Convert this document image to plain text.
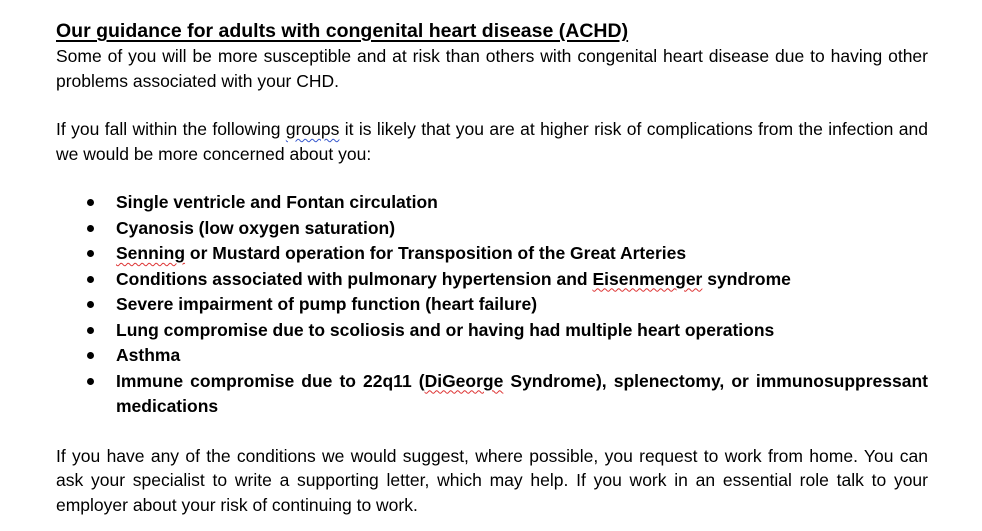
Our guidance for adults with congenital heart disease (ACHD)

Some of you will be more susceptible and at risk than others with congenital heart disease due to having other problems associated with your CHD.

If you fall within the following groups it is likely that you are at higher risk of complications from the infection and we would be more concerned about you:

Single ventricle and Fontan circulation
Cyanosis (low oxygen saturation)
Senning or Mustard operation for Transposition of the Great Arteries
Conditions associated with pulmonary hypertension and Eisenmenger syndrome
Severe impairment of pump function (heart failure)
Lung compromise due to scoliosis and or having had multiple heart operations
Asthma
Immune compromise due to 22q11 (DiGeorge Syndrome), splenectomy, or immunosuppressant medications

If you have any of the conditions we would suggest, where possible, you request to work from home. You can ask your specialist to write a supporting letter, which may help. If you work in an essential role talk to your employer about your risk of continuing to work.
